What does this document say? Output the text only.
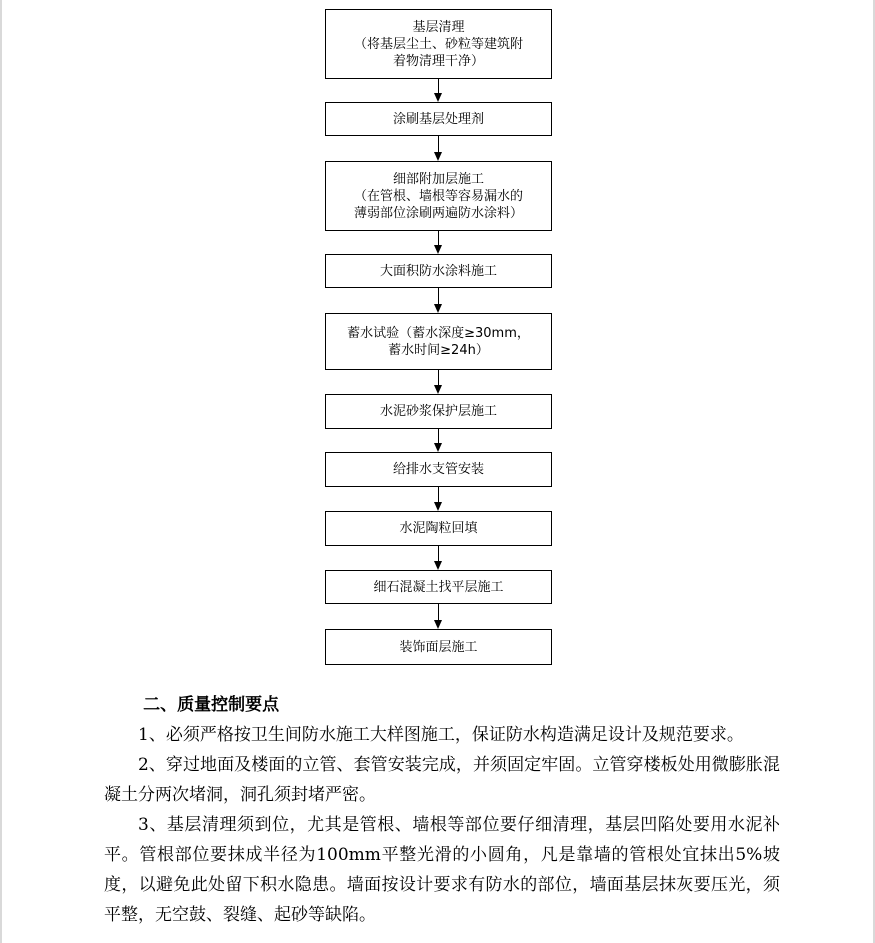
基层清理
（将基层尘土、砂粒等建筑附
着物清理干净）
涂刷基层处理剂
细部附加层施工
（在管根、墙根等容易漏水的
薄弱部位涂刷两遍防水涂料）
大面积防水涂料施工
蓄水试验（蓄水深度≥30mm，
蓄水时间≥24h）
水泥砂浆保护层施工
给排水支管安装
水泥陶粒回填
细石混凝土找平层施工
装饰面层施工
二、质量控制要点

1、必须严格按卫生间防水施工大样图施工，保证防水构造满足设计及规范要求。

2、穿过地面及楼面的立管、套管安装完成，并须固定牢固。立管穿楼板处用微膨胀混凝土分两次堵洞，洞孔须封堵严密。

3、基层清理须到位，尤其是管根、墙根等部位要仔细清理，基层凹陷处要用水泥补平。管根部位要抹成半径为100mm平整光滑的小圆角，凡是靠墙的管根处宜抹出5%坡度，以避免此处留下积水隐患。墙面按设计要求有防水的部位，墙面基层抹灰要压光，须平整，无空鼓、裂缝、起砂等缺陷。
